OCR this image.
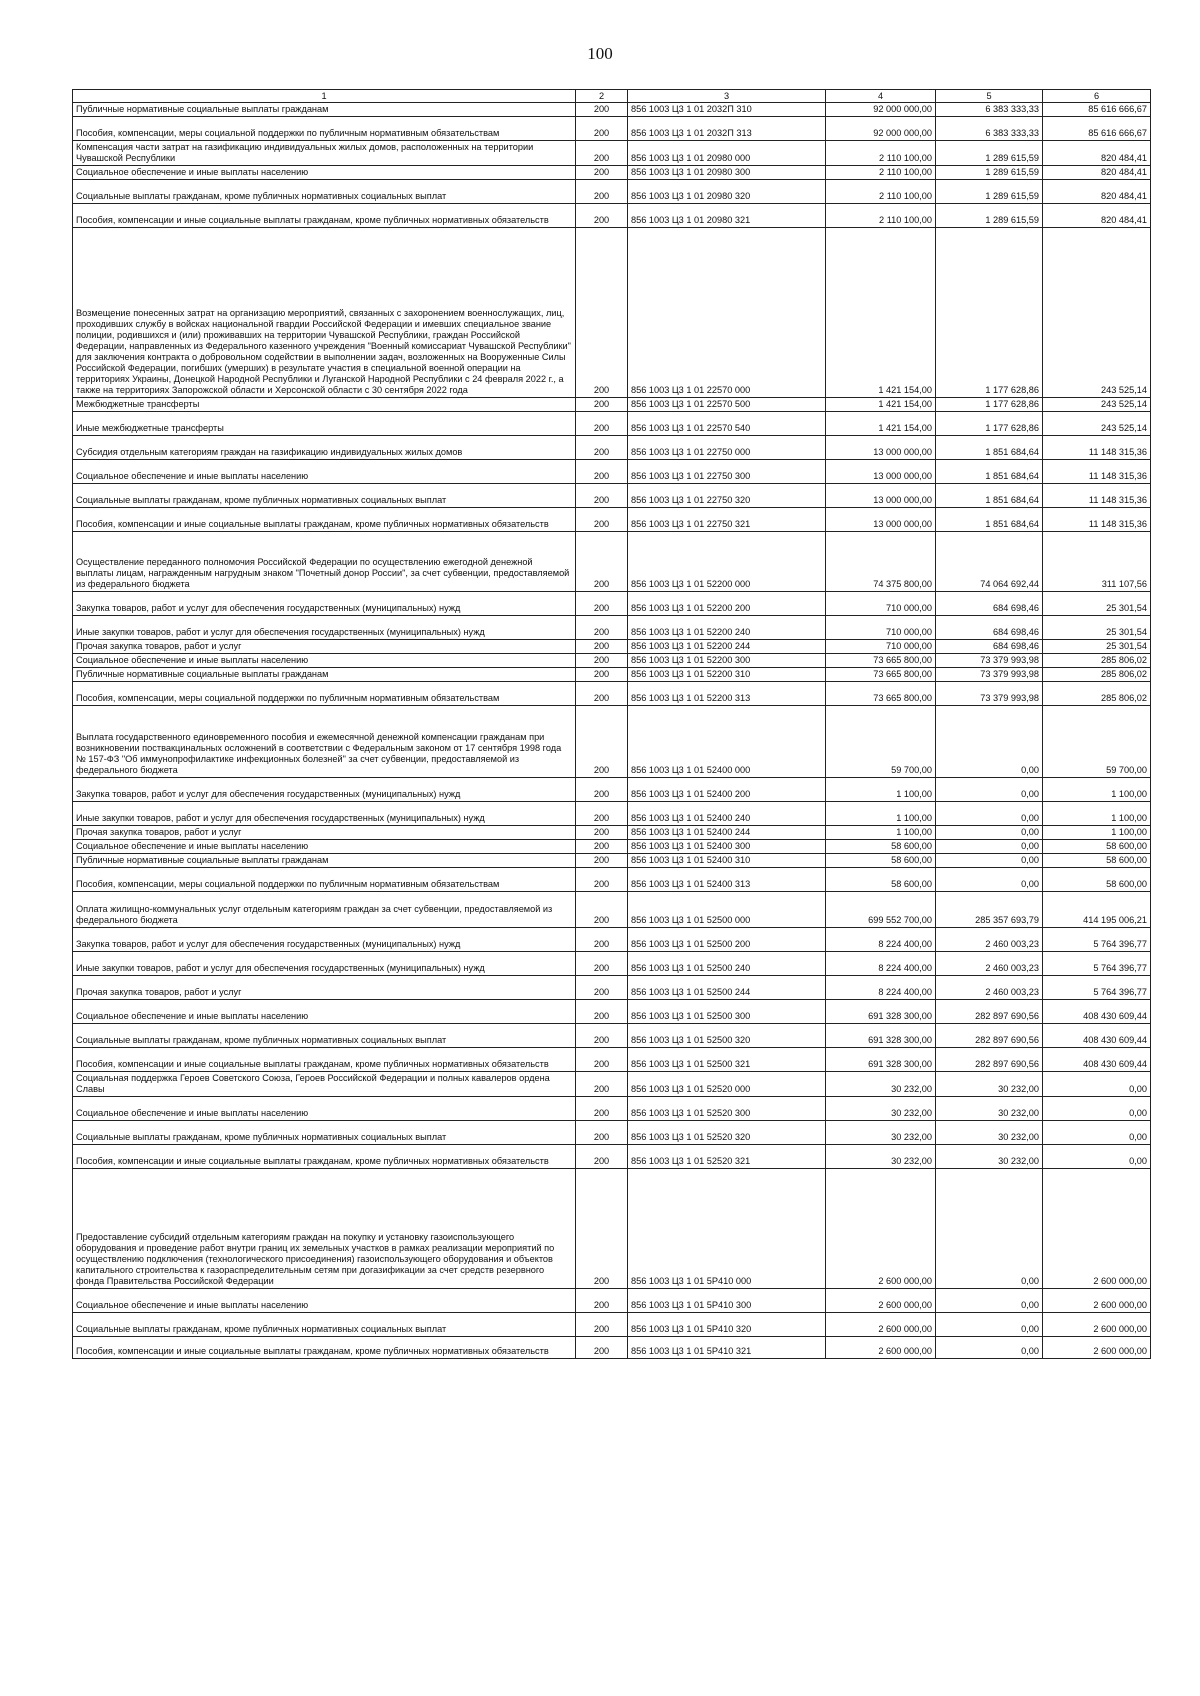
100
1	2	3	4	5	6
Публичные нормативные социальные выплаты гражданам	200	856 1003 Ц3 1 01 2032П 310	92 000 000,00	6 383 333,33	85 616 666,67
Пособия, компенсации, меры социальной поддержки по публичным нормативным обязательствам	200	856 1003 Ц3 1 01 2032П 313	92 000 000,00	6 383 333,33	85 616 666,67
Компенсация части затрат на газификацию индивидуальных жилых домов, расположенных на территории Чувашской Республики	200	856 1003 Ц3 1 01 20980 000	2 110 100,00	1 289 615,59	820 484,41
Социальное обеспечение и иные выплаты населению	200	856 1003 Ц3 1 01 20980 300	2 110 100,00	1 289 615,59	820 484,41
Социальные выплаты гражданам, кроме публичных нормативных социальных выплат	200	856 1003 Ц3 1 01 20980 320	2 110 100,00	1 289 615,59	820 484,41
Пособия, компенсации и иные социальные выплаты гражданам, кроме публичных нормативных обязательств	200	856 1003 Ц3 1 01 20980 321	2 110 100,00	1 289 615,59	820 484,41
Возмещение понесенных затрат на организацию мероприятий, связанных с захоронением военнослужащих, лиц, проходивших службу в войсках национальной гвардии Российской Федерации и имевших специальное звание полиции, родившихся и (или) проживавших на территории Чувашской Республики, граждан Российской Федерации, направленных из Федерального казенного учреждения "Военный комиссариат Чувашской Республики" для заключения контракта о добровольном содействии в выполнении задач, возложенных на Вооруженные Силы Российской Федерации, погибших (умерших) в результате участия в специальной военной операции на территориях Украины, Донецкой Народной Республики и Луганской Народной Республики с 24 февраля 2022 г., а также на территориях Запорожской области и Херсонской области с 30 сентября 2022 года	200	856 1003 Ц3 1 01 22570 000	1 421 154,00	1 177 628,86	243 525,14
Межбюджетные трансферты	200	856 1003 Ц3 1 01 22570 500	1 421 154,00	1 177 628,86	243 525,14
Иные межбюджетные трансферты	200	856 1003 Ц3 1 01 22570 540	1 421 154,00	1 177 628,86	243 525,14
Субсидия отдельным категориям граждан на газификацию индивидуальных жилых домов	200	856 1003 Ц3 1 01 22750 000	13 000 000,00	1 851 684,64	11 148 315,36
Социальное обеспечение и иные выплаты населению	200	856 1003 Ц3 1 01 22750 300	13 000 000,00	1 851 684,64	11 148 315,36
Социальные выплаты гражданам, кроме публичных нормативных социальных выплат	200	856 1003 Ц3 1 01 22750 320	13 000 000,00	1 851 684,64	11 148 315,36
Пособия, компенсации и иные социальные выплаты гражданам, кроме публичных нормативных обязательств	200	856 1003 Ц3 1 01 22750 321	13 000 000,00	1 851 684,64	11 148 315,36
Осуществление переданного полномочия Российской Федерации по осуществлению ежегодной денежной выплаты лицам, награжденным нагрудным знаком "Почетный донор России", за счет субвенции, предоставляемой из федерального бюджета	200	856 1003 Ц3 1 01 52200 000	74 375 800,00	74 064 692,44	311 107,56
Закупка товаров, работ и услуг для обеспечения государственных (муниципальных) нужд	200	856 1003 Ц3 1 01 52200 200	710 000,00	684 698,46	25 301,54
Иные закупки товаров, работ и услуг для обеспечения государственных (муниципальных) нужд	200	856 1003 Ц3 1 01 52200 240	710 000,00	684 698,46	25 301,54
Прочая закупка товаров, работ и услуг	200	856 1003 Ц3 1 01 52200 244	710 000,00	684 698,46	25 301,54
Социальное обеспечение и иные выплаты населению	200	856 1003 Ц3 1 01 52200 300	73 665 800,00	73 379 993,98	285 806,02
Публичные нормативные социальные выплаты гражданам	200	856 1003 Ц3 1 01 52200 310	73 665 800,00	73 379 993,98	285 806,02
Пособия, компенсации, меры социальной поддержки по публичным нормативным обязательствам	200	856 1003 Ц3 1 01 52200 313	73 665 800,00	73 379 993,98	285 806,02
Выплата государственного единовременного пособия и ежемесячной денежной компенсации гражданам при возникновении поствакцинальных осложнений в соответствии с Федеральным законом от 17 сентября 1998 года № 157-ФЗ "Об иммунопрофилактике инфекционных болезней" за счет субвенции, предоставляемой из федерального бюджета	200	856 1003 Ц3 1 01 52400 000	59 700,00	0,00	59 700,00
Закупка товаров, работ и услуг для обеспечения государственных (муниципальных) нужд	200	856 1003 Ц3 1 01 52400 200	1 100,00	0,00	1 100,00
Иные закупки товаров, работ и услуг для обеспечения государственных (муниципальных) нужд	200	856 1003 Ц3 1 01 52400 240	1 100,00	0,00	1 100,00
Прочая закупка товаров, работ и услуг	200	856 1003 Ц3 1 01 52400 244	1 100,00	0,00	1 100,00
Социальное обеспечение и иные выплаты населению	200	856 1003 Ц3 1 01 52400 300	58 600,00	0,00	58 600,00
Публичные нормативные социальные выплаты гражданам	200	856 1003 Ц3 1 01 52400 310	58 600,00	0,00	58 600,00
Пособия, компенсации, меры социальной поддержки по публичным нормативным обязательствам	200	856 1003 Ц3 1 01 52400 313	58 600,00	0,00	58 600,00
Оплата жилищно-коммунальных услуг отдельным категориям граждан за счет субвенции, предоставляемой из федерального бюджета	200	856 1003 Ц3 1 01 52500 000	699 552 700,00	285 357 693,79	414 195 006,21
Закупка товаров, работ и услуг для обеспечения государственных (муниципальных) нужд	200	856 1003 Ц3 1 01 52500 200	8 224 400,00	2 460 003,23	5 764 396,77
Иные закупки товаров, работ и услуг для обеспечения государственных (муниципальных) нужд	200	856 1003 Ц3 1 01 52500 240	8 224 400,00	2 460 003,23	5 764 396,77
Прочая закупка товаров, работ и услуг	200	856 1003 Ц3 1 01 52500 244	8 224 400,00	2 460 003,23	5 764 396,77
Социальное обеспечение и иные выплаты населению	200	856 1003 Ц3 1 01 52500 300	691 328 300,00	282 897 690,56	408 430 609,44
Социальные выплаты гражданам, кроме публичных нормативных социальных выплат	200	856 1003 Ц3 1 01 52500 320	691 328 300,00	282 897 690,56	408 430 609,44
Пособия, компенсации и иные социальные выплаты гражданам, кроме публичных нормативных обязательств	200	856 1003 Ц3 1 01 52500 321	691 328 300,00	282 897 690,56	408 430 609,44
Социальная поддержка Героев Советского Союза, Героев Российской Федерации и полных кавалеров ордена Славы	200	856 1003 Ц3 1 01 52520 000	30 232,00	30 232,00	0,00
Социальное обеспечение и иные выплаты населению	200	856 1003 Ц3 1 01 52520 300	30 232,00	30 232,00	0,00
Социальные выплаты гражданам, кроме публичных нормативных социальных выплат	200	856 1003 Ц3 1 01 52520 320	30 232,00	30 232,00	0,00
Пособия, компенсации и иные социальные выплаты гражданам, кроме публичных нормативных обязательств	200	856 1003 Ц3 1 01 52520 321	30 232,00	30 232,00	0,00
Предоставление субсидий отдельным категориям граждан на покупку и установку газоиспользующего оборудования и проведение работ внутри границ их земельных участков в рамках реализации мероприятий по осуществлению подключения (технологического присоединения) газоиспользующего оборудования и объектов капитального строительства к газораспределительным сетям при догазификации за счет средств резервного фонда Правительства Российской Федерации	200	856 1003 Ц3 1 01 5Р410 000	2 600 000,00	0,00	2 600 000,00
Социальное обеспечение и иные выплаты населению	200	856 1003 Ц3 1 01 5Р410 300	2 600 000,00	0,00	2 600 000,00
Социальные выплаты гражданам, кроме публичных нормативных социальных выплат	200	856 1003 Ц3 1 01 5Р410 320	2 600 000,00	0,00	2 600 000,00
Пособия, компенсации и иные социальные выплаты гражданам, кроме публичных нормативных обязательств	200	856 1003 Ц3 1 01 5Р410 321	2 600 000,00	0,00	2 600 000,00
